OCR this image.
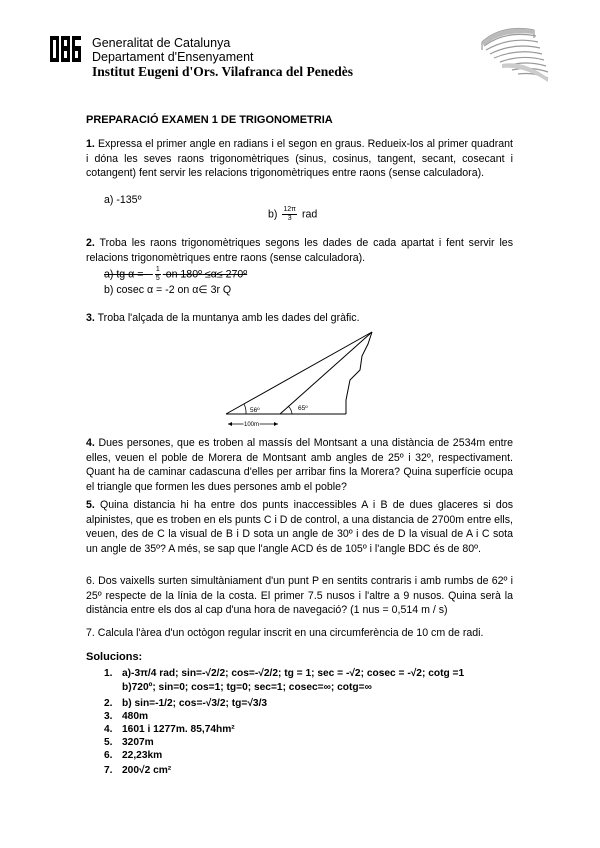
Generalitat de Catalunya
Departament d'Ensenyament
Institut Eugeni d'Ors. Vilafranca del Penedès
PREPARACIÓ EXAMEN 1 DE TRIGONOMETRIA
1. Expressa el primer angle en radians i el segon en graus. Redueix-los al primer quadrant i dóna les seves raons trigonomètriques (sinus, cosinus, tangent, secant, cosecant i cotangent) fent servir les relacions trigonomètriques entre raons (sense calculadora).
a) -135º
$b) \frac{12\pi}{3}$ rad
2. Troba les raons trigonomètriques segons les dades de cada apartat i fent servir les relacions trigonomètriques entre raons (sense calculadora).
a) tg α = - $\frac{1}{5}$ on 180º ≤α≤ 270º
b) cosec α = -2 on α∈ 3r Q
3. Troba l'alçada de la muntanya amb les dades del gràfic.
56º	65º
100m
4. Dues persones, que es troben al massís del Montsant a una distància de 2534m entre elles, veuen el poble de Morera de Montsant amb angles de 25º i 32º, respectivament. Quant ha de caminar cadascuna d'elles per arribar fins la Morera? Quina superfície ocupa el triangle que formen les dues persones amb el poble?
5. Quina distancia hi ha entre dos punts inaccessibles A i B de dues glaceres si dos alpinistes, que es troben en els punts C i D de control, a una distancia de 2700m entre ells, veuen, des de C la visual de B i D sota un angle de 30º i des de D la visual de A i C sota un angle de 35º? A més, se sap que l'angle ACD és de 105º i l'angle BDC és de 80º.
6. Dos vaixells surten simultàniament d'un punt P en sentits contraris i amb rumbs de 62º i 25º respecte de la línia de la costa. El primer 7.5 nusos i l'altre a 9 nusos. Quina serà la distància entre els dos al cap d'una hora de navegació? (1 nus = 0,514 m / s)
7. Calcula l'àrea d'un octògon regular inscrit en una circumferència de 10 cm de radi.
Solucions:
1. a)-3π/4 rad; sin=-√2/2; cos=-√2/2; tg = 1; sec = -√2; cosec = -√2; cotg =1
b)720º; sin=0; cos=1; tg=0; sec=1; cosec=∞; cotg=∞
2. b) sin=-1/2; cos=-√3/2; tg=√3/3
3. 480m
4. 1601 i 1277m. 85,74hm²
5. 3207m
6. 22,23km
7. 200√2 cm²
